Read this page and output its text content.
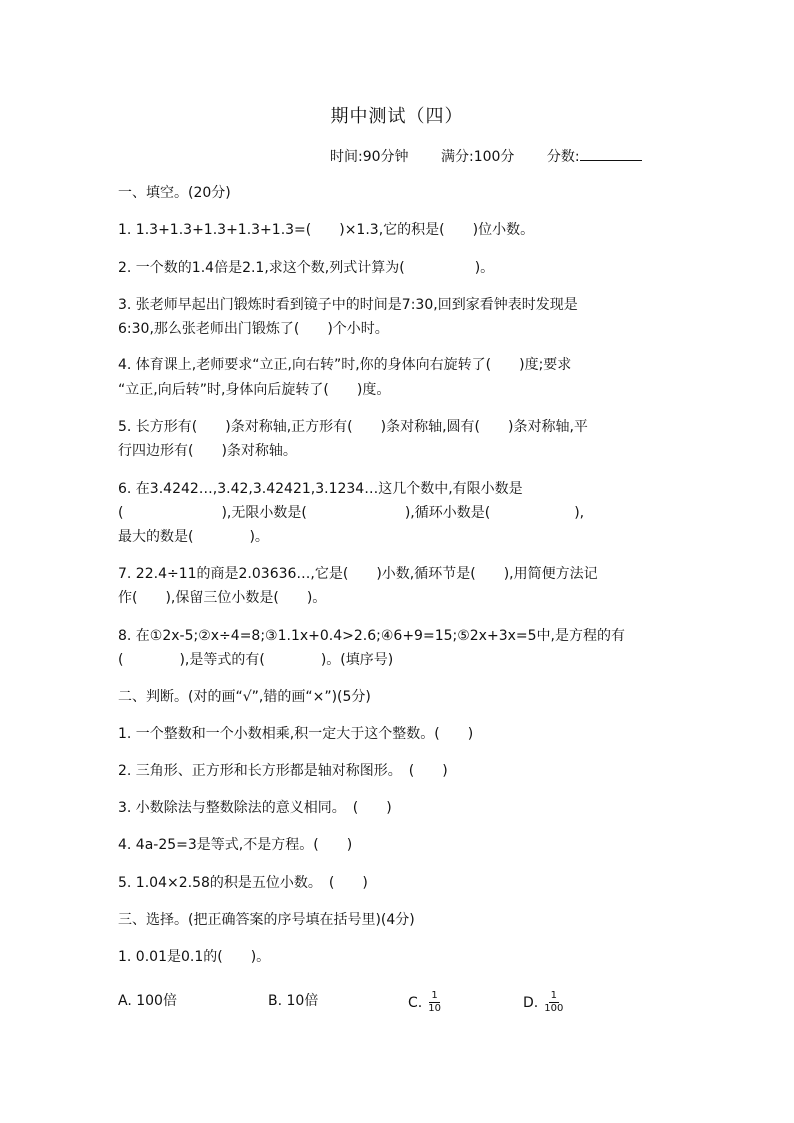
期中测试（四）
时间:90分钟 满分:100分 分数:
一、填空。(20分)
1. 1.3+1.3+1.3+1.3+1.3=(　　)×1.3,它的积是(　　)位小数。
2. 一个数的1.4倍是2.1,求这个数,列式计算为(　　　　　)。
3. 张老师早起出门锻炼时看到镜子中的时间是7:30,回到家看钟表时发现是
6:30,那么张老师出门锻炼了(　　)个小时。
4. 体育课上,老师要求“立正,向右转”时,你的身体向右旋转了(　　)度;要求
“立正,向后转”时,身体向后旋转了(　　)度。
5. 长方形有(　　)条对称轴,正方形有(　　)条对称轴,圆有(　　)条对称轴,平
行四边形有(　　)条对称轴。
6. 在3.4242…,3.42,3.42421,3.1234…这几个数中,有限小数是
(　　　　　　　),无限小数是(　　　　　　　),循环小数是(　　　　　　),
最大的数是(　　　　)。
7. 22.4÷11的商是2.03636…,它是(　　)小数,循环节是(　　),用简便方法记
作(　　),保留三位小数是(　　)。
8. 在①2x-5;②x÷4=8;③1.1x+0.4>2.6;④6+9=15;⑤2x+3x=5中,是方程的有
(　　　　),是等式的有(　　　　)。(填序号)
二、判断。(对的画“√”,错的画“×”)(5分)
1. 一个整数和一个小数相乘,积一定大于这个整数。(　　)
2. 三角形、正方形和长方形都是轴对称图形。　(　　)
3. 小数除法与整数除法的意义相同。　(　　)
4. 4a-25=3是等式,不是方程。(　　)
5. 1.04×2.58的积是五位小数。　(　　)
三、选择。(把正确答案的序号填在括号里)(4分)
1. 0.01是0.1的(　　)。
A. 100倍	B. 10倍	C. $\frac{1}{10}$	D. $\frac{1}{100}$
